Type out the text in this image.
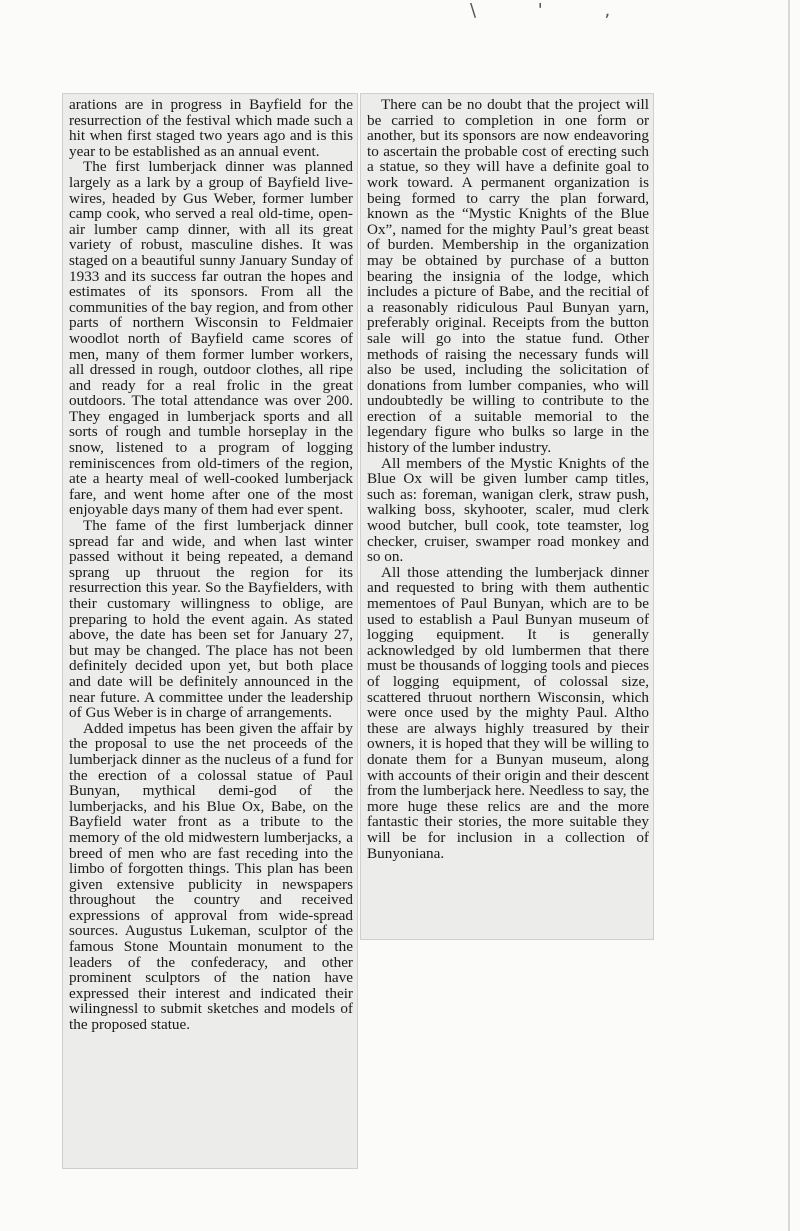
\ ' ,

arations are in progress in Bayfield for the resurrection of the festival which made such a hit when first staged two years ago and is this year to be established as an annual event.

The first lumberjack dinner was planned largely as a lark by a group of Bayfield live-wires, headed by Gus Weber, former lumber camp cook, who served a real old-time, open-air lumber camp dinner, with all its great variety of robust, masculine dishes. It was staged on a beautiful sunny January Sunday of 1933 and its success far outran the hopes and estimates of its sponsors. From all the communities of the bay region, and from other parts of northern Wisconsin to Feldmaier woodlot north of Bayfield came scores of men, many of them former lumber workers, all dressed in rough, outdoor clothes, all ripe and ready for a real frolic in the great outdoors. The total attendance was over 200. They engaged in lumberjack sports and all sorts of rough and tumble horseplay in the snow, listened to a program of logging reminiscences from old-timers of the region, ate a hearty meal of well-cooked lumberjack fare, and went home after one of the most enjoyable days many of them had ever spent.

The fame of the first lumberjack dinner spread far and wide, and when last winter passed without it being repeated, a demand sprang up thruout the region for its resurrection this year. So the Bayfielders, with their customary willingness to oblige, are preparing to hold the event again. As stated above, the date has been set for January 27, but may be changed. The place has not been definitely decided upon yet, but both place and date will be definitely announced in the near future. A committee under the leadership of Gus Weber is in charge of arrangements.

Added impetus has been given the affair by the proposal to use the net proceeds of the lumberjack dinner as the nucleus of a fund for the erection of a colossal statue of Paul Bunyan, mythical demi-god of the lumberjacks, and his Blue Ox, Babe, on the Bayfield water front as a tribute to the memory of the old midwestern lumberjacks, a breed of men who are fast receding into the limbo of forgotten things. This plan has been given extensive publicity in newspapers throughout the country and received expressions of approval from wide-spread sources. Augustus Lukeman, sculptor of the famous Stone Mountain monument to the leaders of the confederacy, and other prominent sculptors of the nation have expressed their interest and indicated their wilingnessl to submit sketches and models of the proposed statue.

There can be no doubt that the project will be carried to completion in one form or another, but its sponsors are now endeavoring to ascertain the probable cost of erecting such a statue, so they will have a definite goal to work toward. A permanent organization is being formed to carry the plan forward, known as the “Mystic Knights of the Blue Ox”, named for the mighty Paul’s great beast of burden. Membership in the organization may be obtained by purchase of a button bearing the insignia of the lodge, which includes a picture of Babe, and the recitial of a reasonably ridiculous Paul Bunyan yarn, preferably original. Receipts from the button sale will go into the statue fund. Other methods of raising the necessary funds will also be used, including the solicitation of donations from lumber companies, who will undoubtedly be willing to contribute to the erection of a suitable memorial to the legendary figure who bulks so large in the history of the lumber industry.

All members of the Mystic Knights of the Blue Ox will be given lumber camp titles, such as: foreman, wanigan clerk, straw push, walking boss, skyhooter, scaler, mud clerk wood butcher, bull cook, tote teamster, log checker, cruiser, swamper road monkey and so on.

All those attending the lumberjack dinner and requested to bring with them authentic mementoes of Paul Bunyan, which are to be used to establish a Paul Bunyan museum of logging equipment. It is generally acknowledged by old lumbermen that there must be thousands of logging tools and pieces of logging equipment, of colossal size, scattered thruout northern Wisconsin, which were once used by the mighty Paul. Altho these are always highly treasured by their owners, it is hoped that they will be willing to donate them for a Bunyan museum, along with accounts of their origin and their descent from the lumberjack here. Needless to say, the more huge these relics are and the more fantastic their stories, the more suitable they will be for inclusion in a collection of Bunyoniana.
